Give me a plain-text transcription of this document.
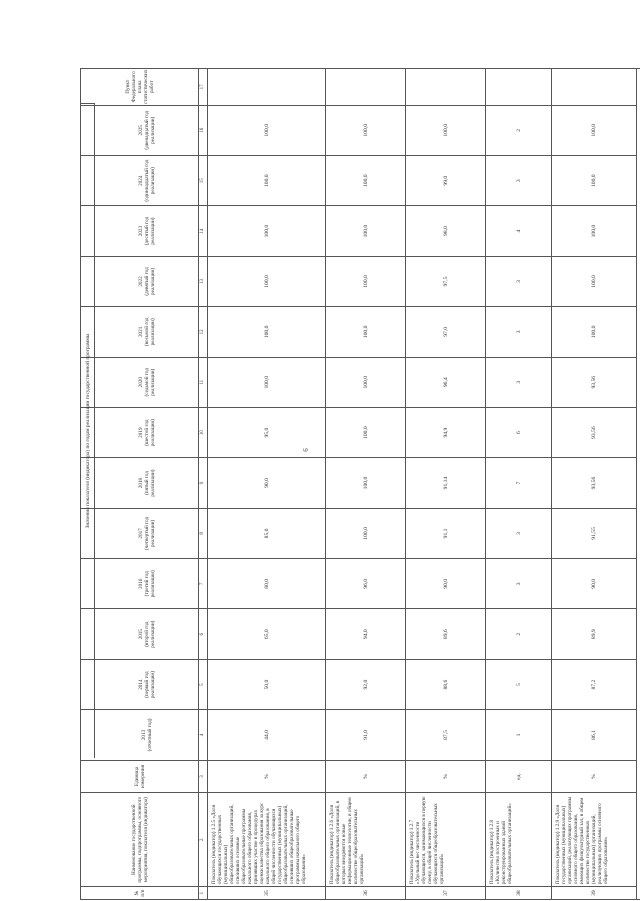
6
№ п/п
Наименование государственной программы, подпрограммы, основного мероприятия, показателя (индикатора)
Единица измерения
2013 (отчетный год)
2014 (первый год реализации)
2015 (второй год реализации)
2016 (третий год реализации)
2017 (четвертый год реализации)
2018 (пятый год реализации)
2019 (шестой год реализации)
2020 (седьмой год реализации)
2021 (восьмой год реализации)
2022 (девятый год реализации)
2023 (десятый год реализации)
2024 (одиннадцатый год реализации)
2025 (двенадцатый год реализации)
Пункт Федерального плана статистических работ
Значения показателя (индикатора) по годам реализации государственной программы
1
2
3
4
5
6
7
8
9
10
11
12
13
14
15
16
17
35
Показатель (индикатор) 1.2.5 «Доля обучающихся государственных (муниципальных) общеобразовательных организаций, освоивших основные общеобразовательные программы начального общего образования, принявших участие в процедурах оценки качества образования за курс начального общего образования, в общей численности обучающихся государственных (муниципальных) общеобразовательных организаций, освоивших общеобразовательные программы начального общего образования»
%
44,0
50,0
65,0
80,0
85,0
90,0
95,0
100,0
100,0
100,0
100,0
100,0
100,0
36
Показатель (индикатор) 1.2.6 «Доля общеобразовательных организаций, в которых внедряются новые информационные технологии, в общем количестве общеобразовательных организаций»
%
91,0
92,0
94,0
96,0
100,0
100,0
100,0
100,0
100,0
100,0
100,0
100,0
100,0
37
Показатель (индикатор) 1.2.7 «Удельный вес численности обучающихся, занимающихся в первую смену, в общей численности обучающихся общеобразовательных организаций»
%
87,5
88,6
89,6
90,0
91,1
91,14
94,9
96,4
97,0
97,5
98,0
99,0
100,0
38
Показатель (индикатор) 1.2.8 «Количество построенных и реконструированных зданий общеобразовательных организаций»
ед.
1
5
2
3
3
7
6
3
3
3
4
3
2
39
Показатель (индикатор) 1.2.9 «Доля государственных (муниципальных) организаций, реализующих программы основного общего образования, имеющих физкультурный зал, в общем количестве государственных (муниципальных) организаций, реализующих программы основного общего образования»
%
86,1
87,2
89,9
90,0
91,55
93,56
93,56
93,56
100,0
100,0
100,0
100,0
100,0
